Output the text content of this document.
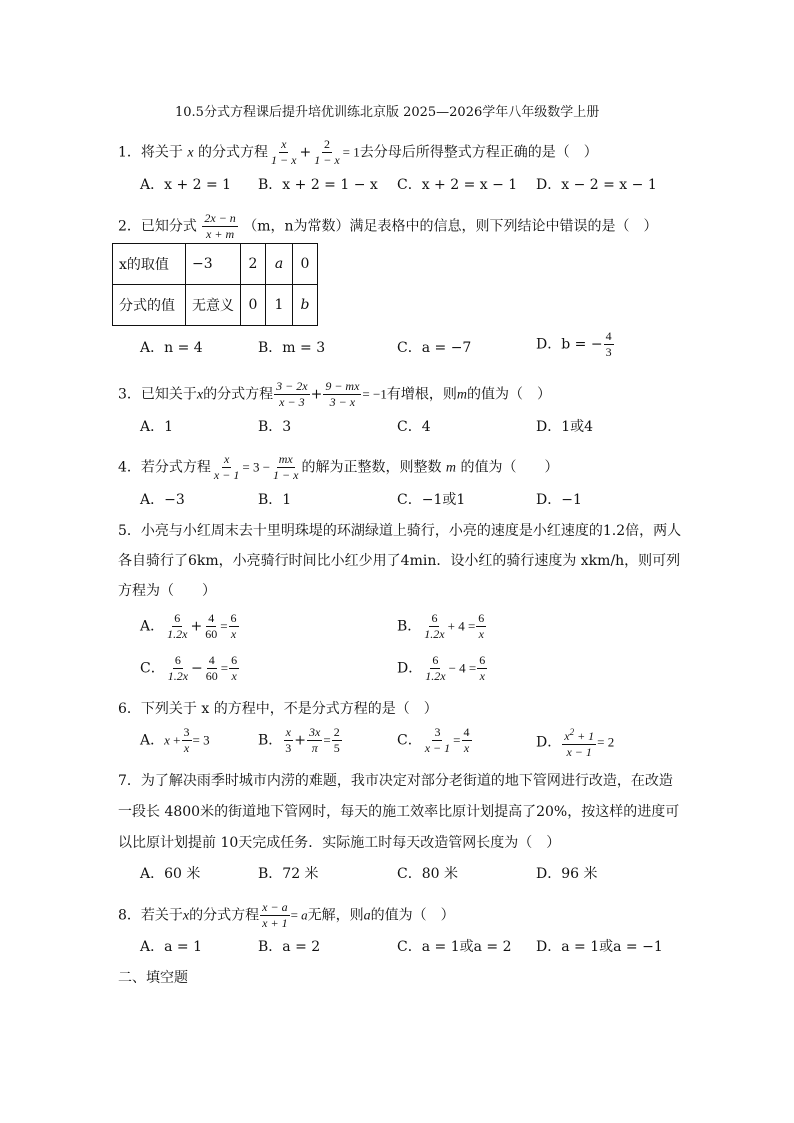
10.5分式方程课后提升培优训练北京版 2025—2026学年八年级数学上册
1．将关于 x 的分式方程 $\frac{x}{1 - x} + \frac{2}{1 - x} = 1$去分母后所得整式方程正确的是（　）
A．x + 2 = 1 B．x + 2 = 1 − x C．x + 2 = x − 1 D．x − 2 = x − 1
2．已知分式 $\frac{2x - n}{x + m} (m$，n为常数）满足表格中的信息，则下列结论中错误的是（　）
x的取值	−3	2	a	0
分式的值	无意义	0	1	b
A．n = 4	B．m = 3	C．a = −7	D．b = − $\frac{4}{3}$
3．已知关于x的分式方程 $\frac{3 - 2x}{x - 3} + \frac{9 - mx}{3 - x} = -1$有增根，则m的值为（　）
A．1	B．3	C．4	D．1或4
4．若分式方程 $\frac{x}{x - 1} = 3 - \frac{mx}{1 - x}$ 的解为正整数，则整数 m 的值为（　　）
A．−3	B．1	C．−1或1	D．−1
5．小亮与小红周末去十里明珠堤的环湖绿道上骑行，小亮的速度是小红速度的1.2倍，两人
各自骑行了6km，小亮骑行时间比小红少用了4min．设小红的骑行速度为 xkm/h，则可列
方程为（　　）
A． $\frac{6}{1.2x} + \frac{4}{60} = \frac{6}{x}$	B． $\frac{6}{1.2x} + 4 = \frac{6}{x}$
C． $\frac{6}{1.2x} - \frac{4}{60} = \frac{6}{x}$	D． $\frac{6}{1.2x} - 4 = \frac{6}{x}$
6．下列关于 x 的方程中，不是分式方程的是（　）
A．$x + \frac{3}{x} = 3$	B． $\frac{x}{3} + \frac{3x}{\pi} = \frac{2}{5}$	C． $\frac{3}{x - 1} = \frac{4}{x}$	D． $\frac{x^2 + 1}{x - 1} = 2$
7．为了解决雨季时城市内涝的难题，我市决定对部分老街道的地下管网进行改造，在改造
一段长 4800米的街道地下管网时，每天的施工效率比原计划提高了20%，按这样的进度可
以比原计划提前 10天完成任务．实际施工时每天改造管网长度为（　）
A．60 米	B．72 米	C．80 米	D．96 米
8．若关于x的分式方程 $\frac{x - a}{x + 1} = a$无解，则a的值为（　）
A．a = 1	B．a = 2	C．a = 1或a = 2 D．a = 1或a = −1
二、填空题
